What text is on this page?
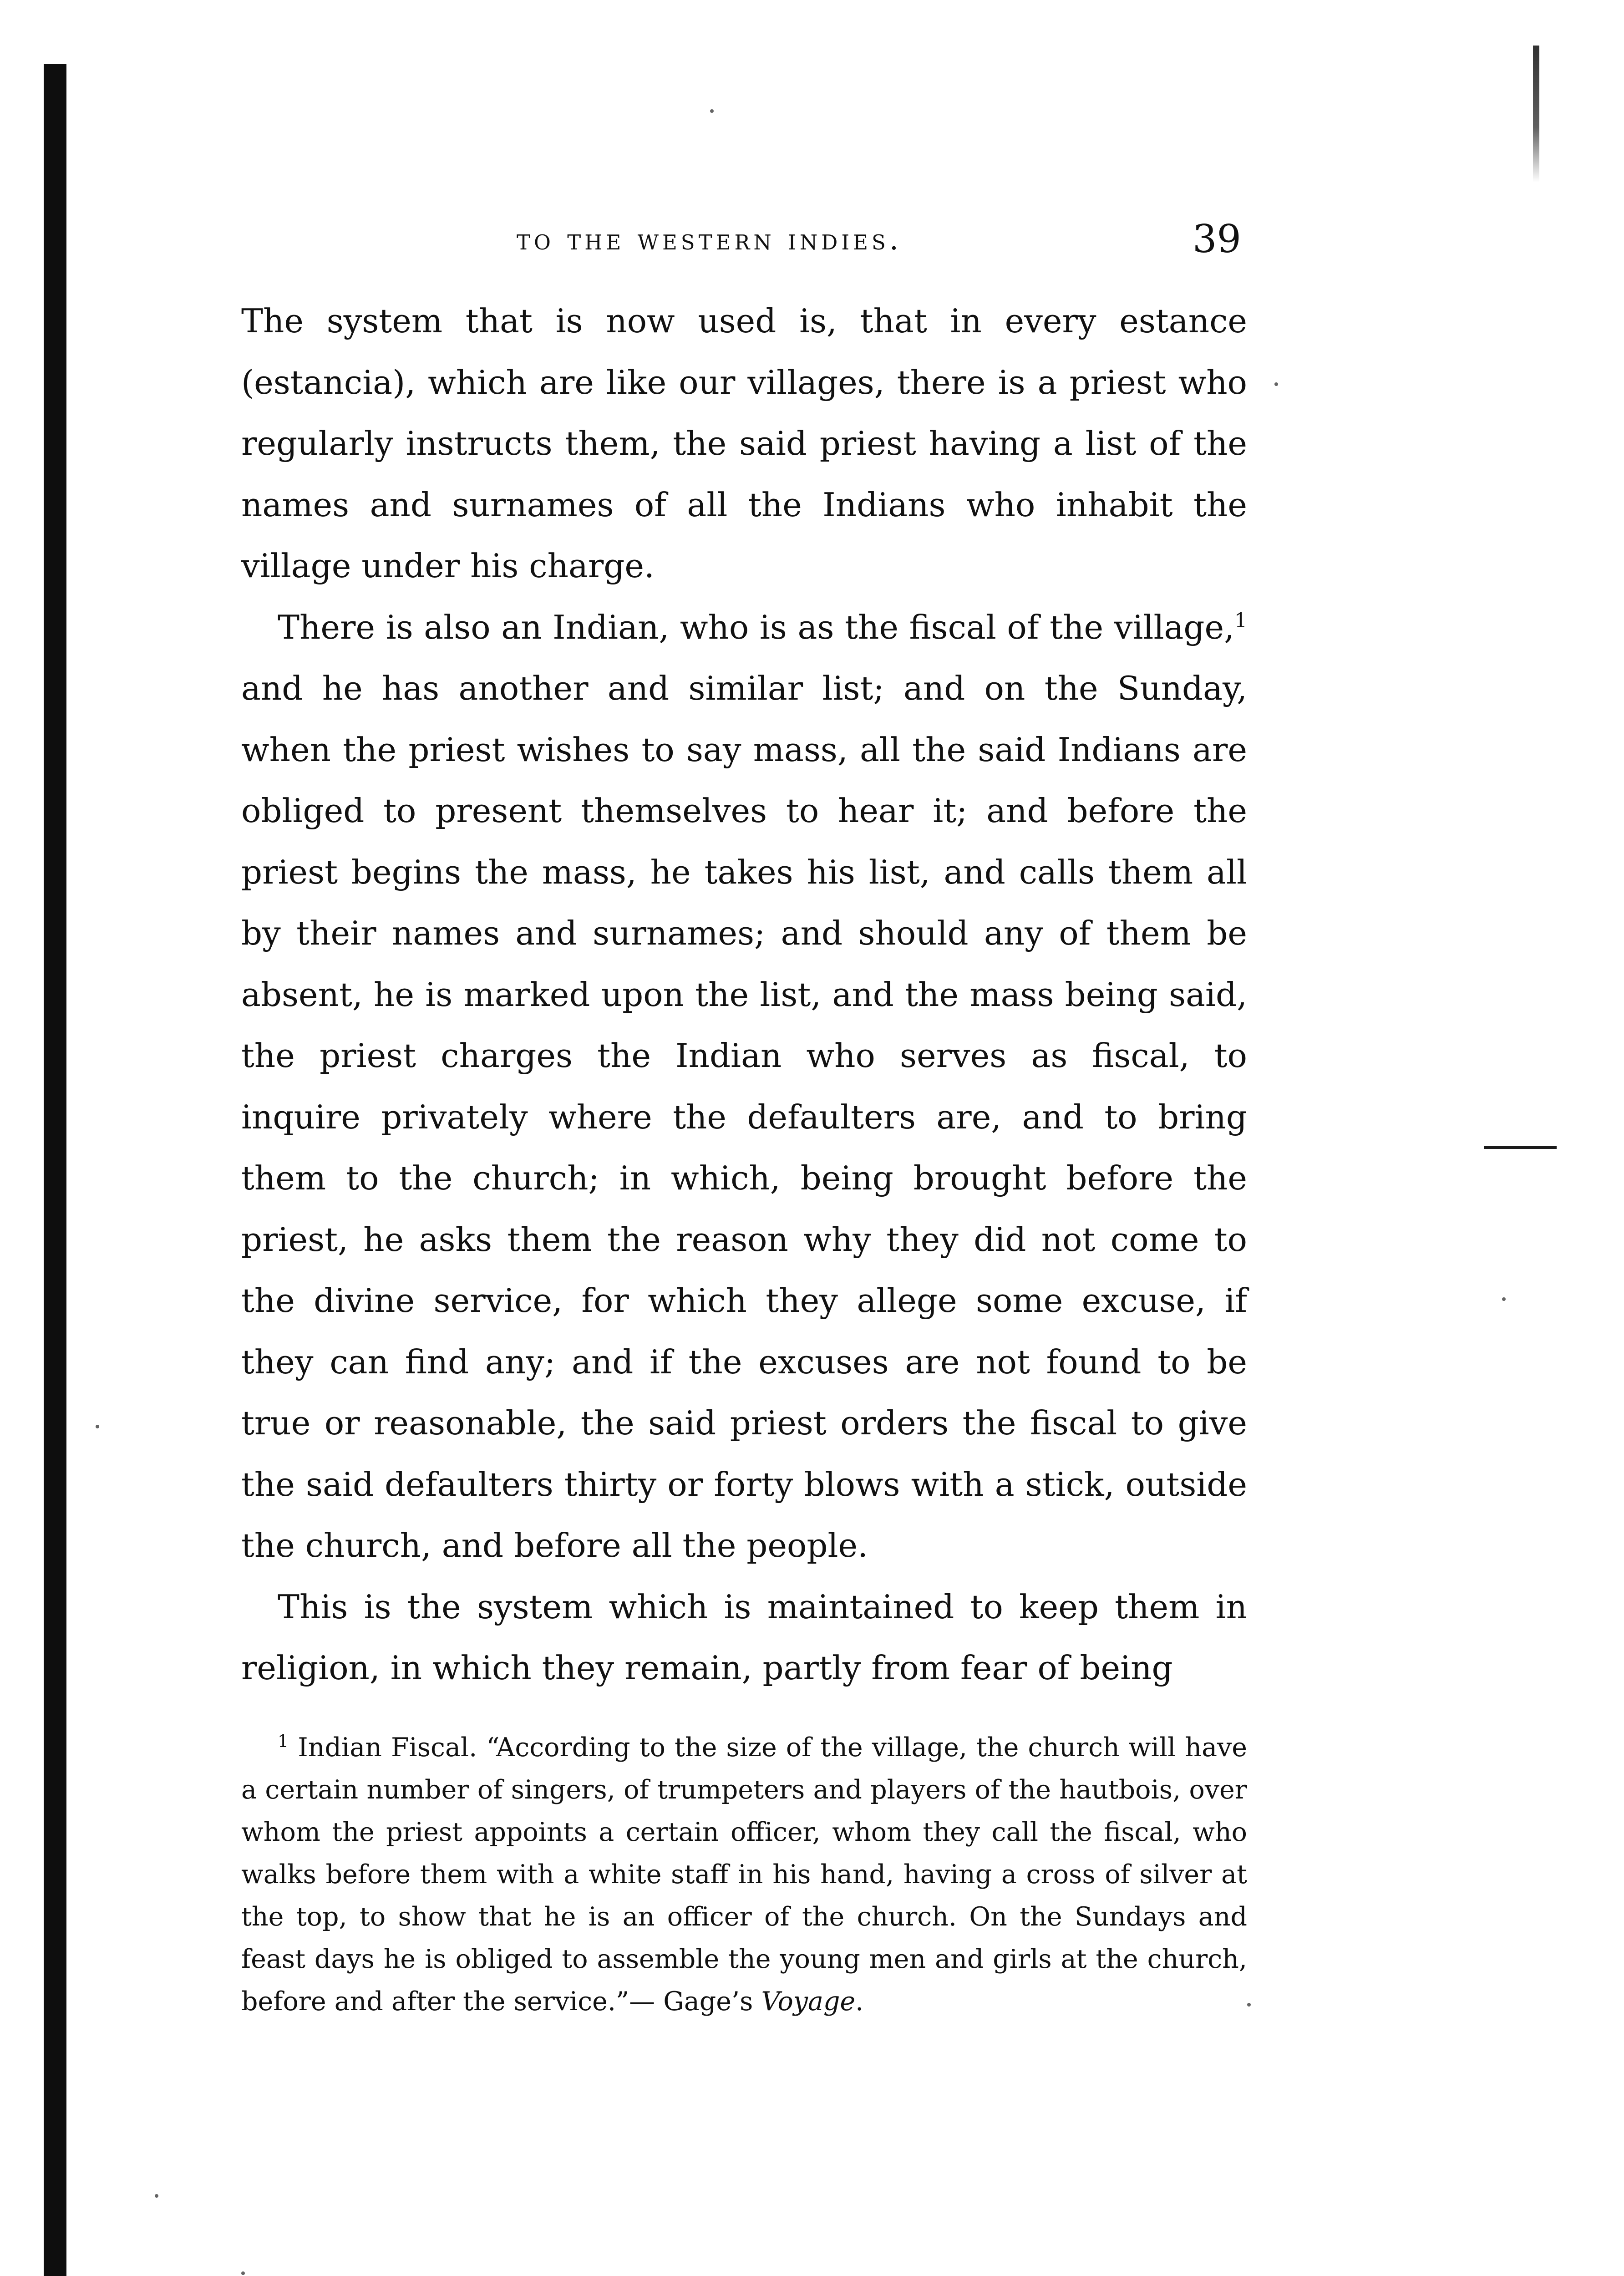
to the western indies.	39

The system that is now used is, that in every estance (estancia), which are like our villages, there is a priest who regularly instructs them, the said priest having a list of the names and surnames of all the Indians who inhabit the village under his charge.

There is also an Indian, who is as the fiscal of the village,$^1$ and he has another and similar list; and on the Sunday, when the priest wishes to say mass, all the said Indians are obliged to present themselves to hear it; and before the priest begins the mass, he takes his list, and calls them all by their names and surnames; and should any of them be absent, he is marked upon the list, and the mass being said, the priest charges the Indian who serves as fiscal, to inquire privately where the defaulters are, and to bring them to the church; in which, being brought before the priest, he asks them the reason why they did not come to the divine service, for which they allege some excuse, if they can find any; and if the excuses are not found to be true or reasonable, the said priest orders the fiscal to give the said defaulters thirty or forty blows with a stick, outside the church, and before all the people.

This is the system which is maintained to keep them in religion, in which they remain, partly from fear of being

$^1$ Indian Fiscal. “According to the size of the village, the church will have a certain number of singers, of trumpeters and players of the hautbois, over whom the priest appoints a certain officer, whom they call the fiscal, who walks before them with a white staff in his hand, having a cross of silver at the top, to show that he is an officer of the church. On the Sundays and feast days he is obliged to assemble the young men and girls at the church, before and after the service.”— Gage’s Voyage.
